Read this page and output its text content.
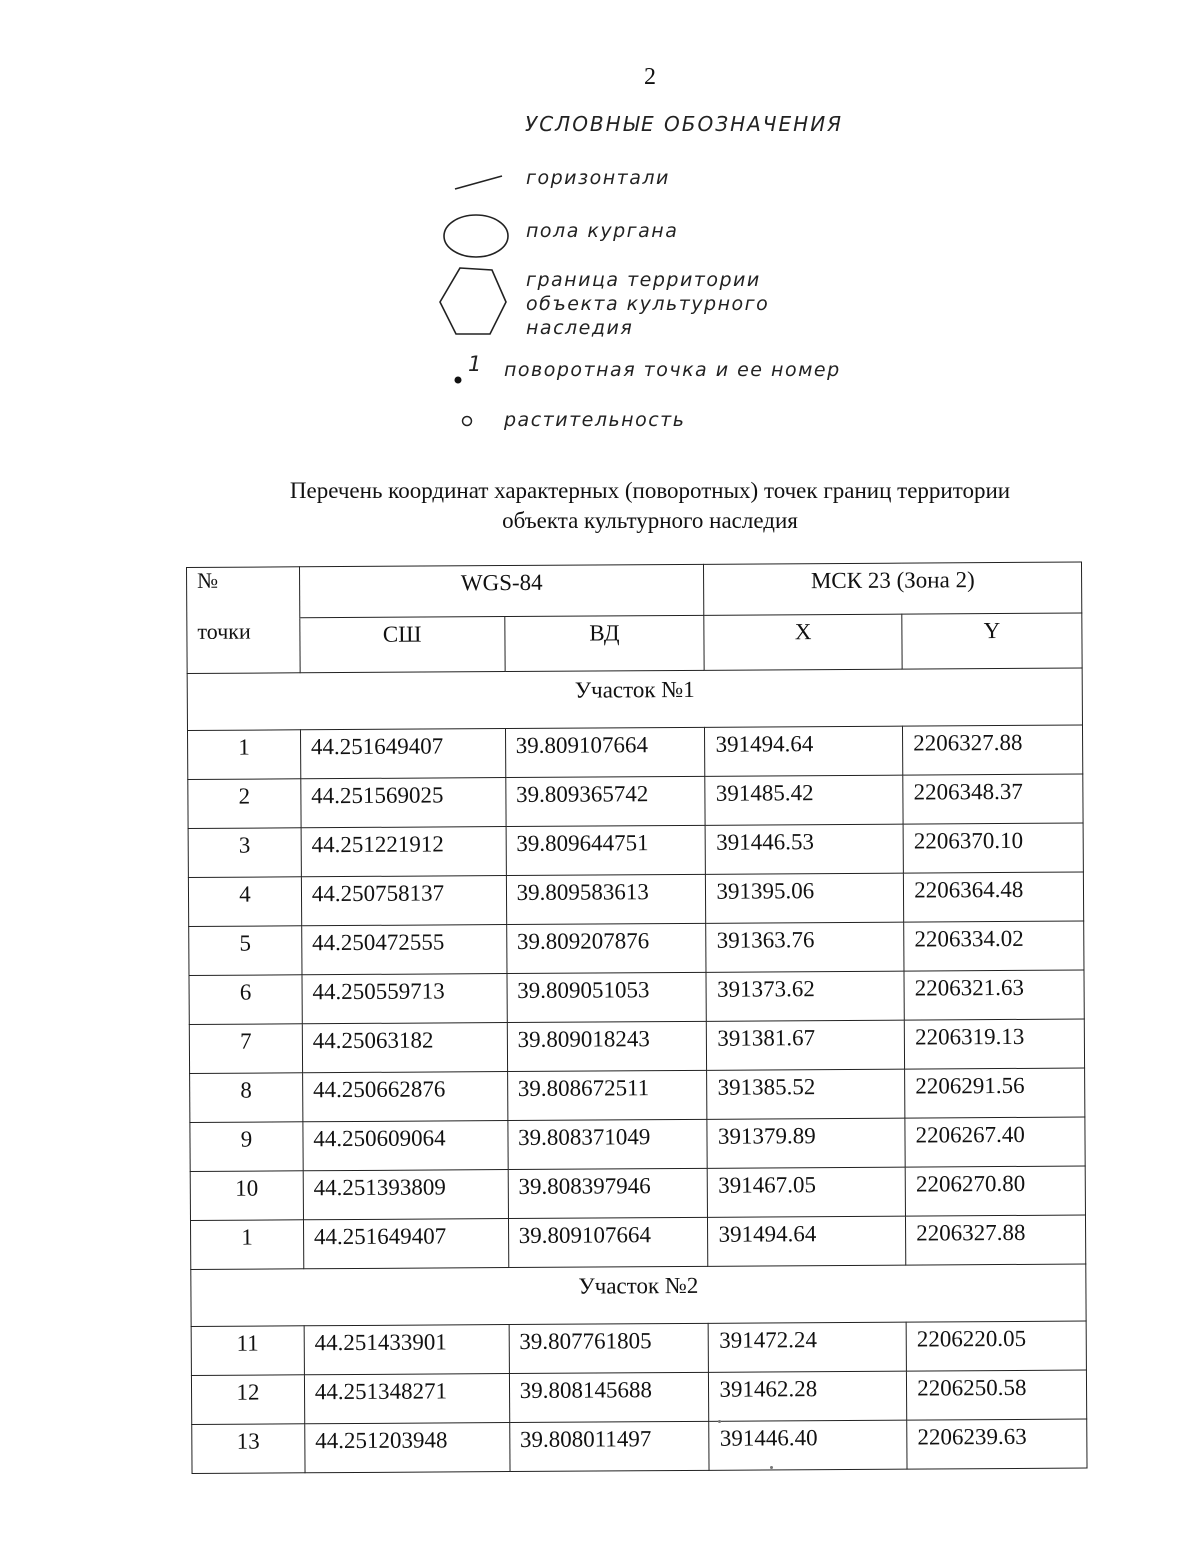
2
УСЛОВНЫЕ ОБОЗНАЧЕНИЯ
горизонтали
пола кургана
граница территории
объекта культурного
наследия
1 поворотная точка и ее номер
растительность
Перечень координат характерных (поворотных) точек границ территории
объекта культурного наследия
№	WGS-84		МСК 23 (Зона 2)	
точки	СШ	ВД	X	Y
Участок №1				
1	44.251649407	39.809107664	391494.64	2206327.88
2	44.251569025	39.809365742	391485.42	2206348.37
3	44.251221912	39.809644751	391446.53	2206370.10
4	44.250758137	39.809583613	391395.06	2206364.48
5	44.250472555	39.809207876	391363.76	2206334.02
6	44.250559713	39.809051053	391373.62	2206321.63
7	44.25063182	39.809018243	391381.67	2206319.13
8	44.250662876	39.808672511	391385.52	2206291.56
9	44.250609064	39.808371049	391379.89	2206267.40
10	44.251393809	39.808397946	391467.05	2206270.80
1	44.251649407	39.809107664	391494.64	2206327.88
Участок №2				
11	44.251433901	39.807761805	391472.24	2206220.05
12	44.251348271	39.808145688	391462.28	2206250.58
13	44.251203948	39.808011497	391446.40	2206239.63
